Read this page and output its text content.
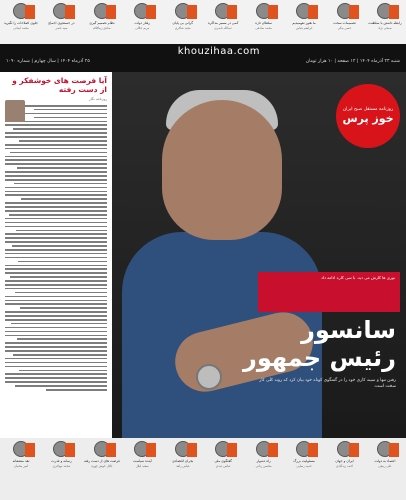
رابطه داشتن با سلطنت
صبحی نژاد
تصمیمات سخت
حسن بیگی
ما هنوز نفهمیدیم
ابراهیم فیاض
سلطان تازه
محمد صادقی
کمی در مسیر مذاکره
عبدالله ناصری
گرانی بی پایان
مجید شاکری
رفتار دولت
مریم جلالی
نظام تصمیم گیری
صادق زیباکلام
در جستجوی اجماع
سید ناصر
جلوی اصلاحات را نگیرید
محمد ایمانی
khouzihaa.com
شنبه ۲۳ آذرماه ۱۴۰۴ | ۱۲ صفحه | ۱۰ هزار تومان
۲۵ آذرماه ۱۴۰۴ | سال چهارم | شماره ۱۰۹۰
آیا فرصت های خوشفکر و از دست رفته
روزنامه نگار
روزنامه مستقل صبح ایران
خوز پرس
نوری ها کارش می دید. با سی کاره ادامه داد
سانسور
رئیس جمهور
رفتن تنها و سینه کاری خود را در گفتگوی کوتاه خود بیان کرد که روند کلی کار سخت است.
اعتماد به دولت
علی ربیعی
ایران و جهان
احمد زیدآبادی
مسئولیت بزرگ
حمید رسایی
راه دشوار
محسن رنانی
گفتگوی ملی
عباس عبدی
بحران اقتصادی
فیاض زاهد
آینده سیاست
سعید لیلاز
فرصت های از دست رفته
جلال خوش چهره
رسانه و قدرت
محمد مهاجری
نقد منصفانه
امیر محبیان
